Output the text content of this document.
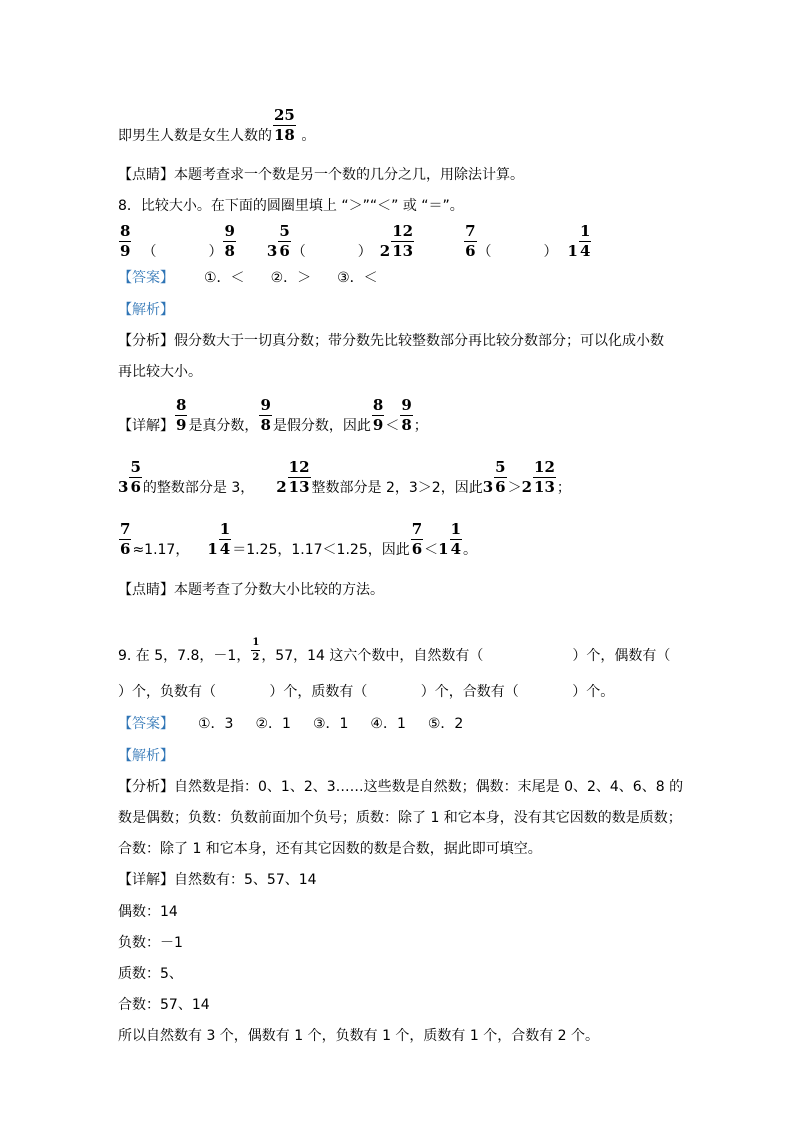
即男生人数是女生人数的 $\frac{25}{18}$ 。
【点睛】本题考查求一个数是另一个数的几分之几，用除法计算。
8．比较大小。在下面的圆圈里填上 “＞”“＜” 或 “＝”。
$\frac{8}{9}$ （	） $\frac{9}{8} 3 \frac{5}{6}$ （	） $2 \frac{12}{13}$	$\frac{7}{6}$ （	） $1 \frac{1}{4}$
【答案】 ①．＜ ②．＞ ③．＜
【解析】
【分析】假分数大于一切真分数；带分数先比较整数部分再比较分数部分；可以化成小数
再比较大小。
【详解】 $\frac{8}{9}$ 是真分数， $\frac{9}{8}$ 是假分数，因此 $\frac{8}{9} < \frac{9}{8}$ ；
$3 \frac{5}{6}$ 的整数部分是 3， $2 \frac{12}{13}$ 整数部分是 2，3＞2，因此$3 \frac{5}{6} >2 \frac{12}{13}$ ；
$\frac{7}{6} \approx 1.17$， $1 \frac{1}{4} =1.25$，1.17＜1.25，因此 $\frac{7}{6} <1 \frac{1}{4}$ 。
【点睛】本题考查了分数大小比较的方法。
9. 在 5，7.8，－1， $\frac{1}{2}$ ，57，14 这六个数中，自然数有（                    ）个，偶数有（
）个，负数有（            ）个，质数有（            ）个，合数有（            ）个。
【答案】 ①．3 ②．1 ③．1 ④．1 ⑤．2
【解析】
【分析】自然数是指：0、1、2、3……这些数是自然数；偶数：末尾是 0、2、4、6、8 的
数是偶数；负数：负数前面加个负号；质数：除了 1 和它本身，没有其它因数的数是质数；
合数：除了 1 和它本身，还有其它因数的数是合数，据此即可填空。
【详解】自然数有：5、57、14
偶数：14
负数：－1
质数：5、
合数：57、14
所以自然数有 3 个，偶数有 1 个，负数有 1 个，质数有 1 个，合数有 2 个。
